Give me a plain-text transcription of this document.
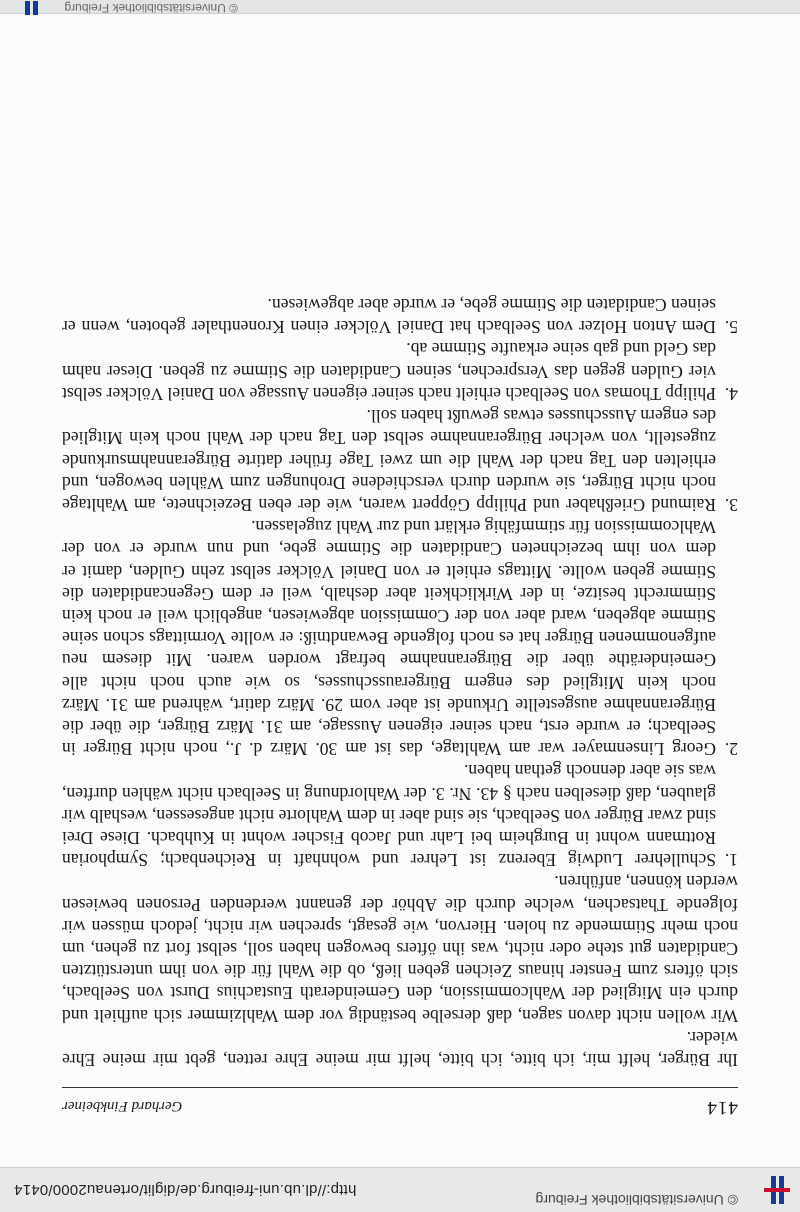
© Universitätsbibliothek Freiburg
http://dl.ub.uni-freiburg.de/diglit/ortenau2000/0414
414
Gerhard Finkbeiner

Ihr Bürger, helft mir, ich bitte, ich bitte, helft mir meine Ehre retten, gebt mir meine Ehre wieder.

Wir wollen nicht davon sagen, daß derselbe beständig vor dem Wahlzimmer sich aufhielt und durch ein Mitglied der Wahlcommission, den Gemeinderath Eustachius Durst von Seelbach, sich öfters zum Fenster hinaus Zeichen geben ließ, ob die Wahl für die von ihm unterstützten Candidaten gut stehe oder nicht, was ihn öfters bewogen haben soll, selbst fort zu gehen, um noch mehr Stimmende zu holen. Hiervon, wie gesagt, sprechen wir nicht, jedoch müssen wir folgende Thatsachen, welche durch die Abhör der genannt werdenden Personen bewiesen werden können, anführen.

1.
Schullehrer Ludwig Eberenz ist Lehrer und wohnhaft in Reichenbach; Symphorian Rottmann wohnt in Burgheim bei Lahr und Jacob Fischer wohnt in Kuhbach. Diese Drei sind zwar Bürger von Seelbach, sie sind aber in dem Wahlorte nicht angesessen, weshalb wir glauben, daß dieselben nach § 43. Nr. 3. der Wahlordnung in Seelbach nicht wählen durften, was sie aber dennoch gethan haben.
2.
Georg Linsenmayer war am Wahltage, das ist am 30. März d. J., noch nicht Bürger in Seelbach; er wurde erst, nach seiner eigenen Aussage, am 31. März Bürger, die über die Bürgerannahme ausgestellte Urkunde ist aber vom 29. März datirt, während am 31. März noch kein Mitglied des engern Bürgerausschusses, so wie auch noch nicht alle Gemeinderäthe über die Bürgerannahme befragt worden waren. Mit diesem neu aufgenommenen Bürger hat es noch folgende Bewandtniß: er wollte Vormittags schon seine Stimme abgeben, ward aber von der Commission abgewiesen, angeblich weil er noch kein Stimmrecht besitze, in der Wirklichkeit aber deshalb, weil er dem Gegencandidaten die Stimme geben wollte. Mittags erhielt er von Daniel Völcker selbst zehn Gulden, damit er dem von ihm bezeichneten Candidaten die Stimme gebe, und nun wurde er von der Wahlcommission für stimmfähig erklärt und zur Wahl zugelassen.
3.
Raimund Grießhaber und Philipp Göppert waren, wie der eben Bezeichnete, am Wahltage noch nicht Bürger, sie wurden durch verschiedene Drohungen zum Wählen bewogen, und erhielten den Tag nach der Wahl die um zwei Tage früher datirte Bürgerannahmsurkunde zugestellt, von welcher Bürgerannahme selbst den Tag nach der Wahl noch kein Mitglied des engern Ausschusses etwas gewußt haben soll.
4.
Philipp Thomas von Seelbach erhielt nach seiner eigenen Aussage von Daniel Völcker selbst vier Gulden gegen das Versprechen, seinen Candidaten die Stimme zu geben. Dieser nahm das Geld und gab seine erkaufte Stimme ab.
5.
Dem Anton Holzer von Seelbach hat Daniel Völcker einen Kronenthaler geboten, wenn er seinen Candidaten die Stimme gebe, er wurde aber abgewiesen.
© Universitätsbibliothek Freiburg
